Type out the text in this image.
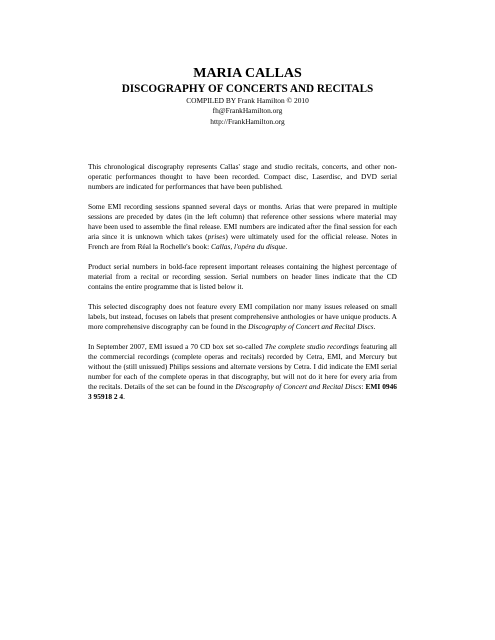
MARIA CALLAS

DISCOGRAPHY OF CONCERTS AND RECITALS

COMPILED BY Frank Hamilton © 2010

fh@FrankHamilton.org

http://FrankHamilton.org

This chronological discography represents Callas' stage and studio recitals, concerts, and other non-operatic performances thought to have been recorded. Compact disc, Laserdisc, and DVD serial numbers are indicated for performances that have been published.

Some EMI recording sessions spanned several days or months. Arias that were prepared in multiple sessions are preceded by dates (in the left column) that reference other sessions where material may have been used to assemble the final release. EMI numbers are indicated after the final session for each aria since it is unknown which takes (prises) were ultimately used for the official release. Notes in French are from Réal la Rochelle's book: Callas, l'opéra du disque.

Product serial numbers in bold-face represent important releases containing the highest percentage of material from a recital or recording session. Serial numbers on header lines indicate that the CD contains the entire programme that is listed below it.

This selected discography does not feature every EMI compilation nor many issues released on small labels, but instead, focuses on labels that present comprehensive anthologies or have unique products. A more comprehensive discography can be found in the Discography of Concert and Recital Discs.

In September 2007, EMI issued a 70 CD box set so-called The complete studio recordings featuring all the commercial recordings (complete operas and recitals) recorded by Cetra, EMI, and Mercury but without the (still unissued) Philips sessions and alternate versions by Cetra. I did indicate the EMI serial number for each of the complete operas in that discography, but will not do it here for every aria from the recitals. Details of the set can be found in the Discography of Concert and Recital Discs: EMI 0946 3 95918 2 4.
